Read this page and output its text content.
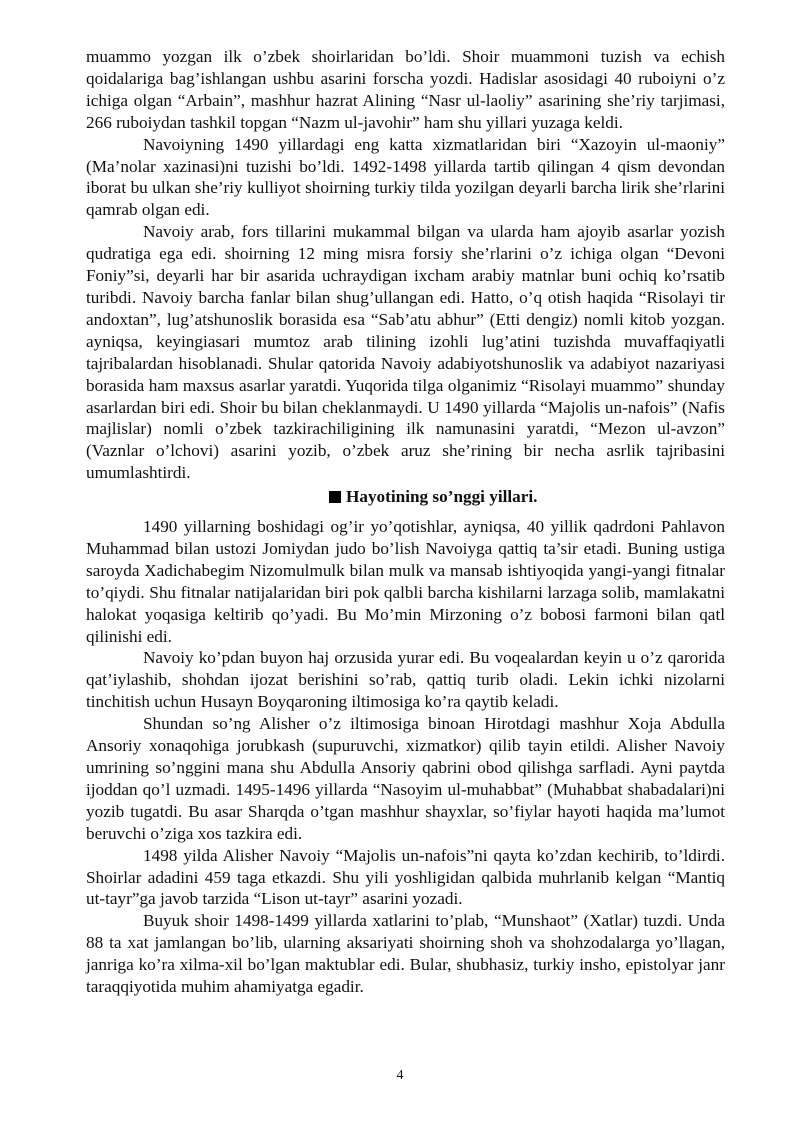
muammo yozgan ilk o’zbek shoirlaridan bo’ldi. Shoir muammoni tuzish va echish qoidalariga bag’ishlangan ushbu asarini forscha yozdi. Hadislar asosidagi 40 ruboiyni o’z ichiga olgan “Arbain”, mashhur hazrat Alining “Nasr ul-laoliy” asarining she’riy tarjimasi, 266 ruboiydan tashkil topgan “Nazm ul-javohir” ham shu yillari yuzaga keldi.

Navoiyning 1490 yillardagi eng katta xizmatlaridan biri “Xazoyin ul-maoniy” (Ma’nolar xazinasi)ni tuzishi bo’ldi. 1492-1498 yillarda tartib qilingan 4 qism devondan iborat bu ulkan she’riy kulliyot shoirning turkiy tilda yozilgan deyarli barcha lirik she’rlarini qamrab olgan edi.

Navoiy arab, fors tillarini mukammal bilgan va ularda ham ajoyib asarlar yozish qudratiga ega edi. shoirning 12 ming misra forsiy she’rlarini o’z ichiga olgan “Devoni Foniy”si, deyarli har bir asarida uchraydigan ixcham arabiy matnlar buni ochiq ko’rsatib turibdi. Navoiy barcha fanlar bilan shug’ullangan edi. Hatto, o’q otish haqida “Risolayi tir andoxtan”, lug’atshunoslik borasida esa “Sab’atu abhur” (Etti dengiz) nomli kitob yozgan. ayniqsa, keyingiasari mumtoz arab tilining izohli lug’atini tuzishda muvaffaqiyatli tajribalardan hisoblanadi. Shular qatorida Navoiy adabiyotshunoslik va adabiyot nazariyasi borasida ham maxsus asarlar yaratdi. Yuqorida tilga olganimiz “Risolayi muammo” shunday asarlardan biri edi. Shoir bu bilan cheklanmaydi. U 1490 yillarda “Majolis un-nafois” (Nafis majlislar) nomli o’zbek tazkirachiligining ilk namunasini yaratdi, “Mezon ul-avzon” (Vaznlar o’lchovi) asarini yozib, o’zbek aruz she’rining bir necha asrlik tajribasini umumlashtirdi.

Hayotining so’nggi yillari.

1490 yillarning boshidagi og’ir yo’qotishlar, ayniqsa, 40 yillik qadrdoni Pahlavon Muhammad bilan ustozi Jomiydan judo bo’lish Navoiyga qattiq ta’sir etadi. Buning ustiga saroyda Xadichabegim Nizomulmulk bilan mulk va mansab ishtiyoqida yangi-yangi fitnalar to’qiydi. Shu fitnalar natijalaridan biri pok qalbli barcha kishilarni larzaga solib, mamlakatni halokat yoqasiga keltirib qo’yadi. Bu Mo’min Mirzoning o’z bobosi farmoni bilan qatl qilinishi edi.

Navoiy ko’pdan buyon haj orzusida yurar edi. Bu voqealardan keyin u o’z qarorida qat’iylashib, shohdan ijozat berishini so’rab, qattiq turib oladi. Lekin ichki nizolarni tinchitish uchun Husayn Boyqaroning iltimosiga ko’ra qaytib keladi.

Shundan so’ng Alisher o’z iltimosiga binoan Hirotdagi mashhur Xoja Abdulla Ansoriy xonaqohiga jorubkash (supuruvchi, xizmatkor) qilib tayin etildi. Alisher Navoiy umrining so’nggini mana shu Abdulla Ansoriy qabrini obod qilishga sarfladi. Ayni paytda ijoddan qo’l uzmadi. 1495-1496 yillarda “Nasoyim ul-muhabbat” (Muhabbat shabadalari)ni yozib tugatdi. Bu asar Sharqda o’tgan mashhur shayxlar, so’fiylar hayoti haqida ma’lumot beruvchi o’ziga xos tazkira edi.

1498 yilda Alisher Navoiy “Majolis un-nafois”ni qayta ko’zdan kechirib, to’ldirdi. Shoirlar adadini 459 taga etkazdi. Shu yili yoshligidan qalbida muhrlanib kelgan “Mantiq ut-tayr”ga javob tarzida “Lison ut-tayr” asarini yozadi.

Buyuk shoir 1498-1499 yillarda xatlarini to’plab, “Munshaot” (Xatlar) tuzdi. Unda 88 ta xat jamlangan bo’lib, ularning aksariyati shoirning shoh va shohzodalarga yo’llagan, janriga ko’ra xilma-xil bo’lgan maktublar edi. Bular, shubhasiz, turkiy insho, epistolyar janr taraqqiyotida muhim ahamiyatga egadir.

4
